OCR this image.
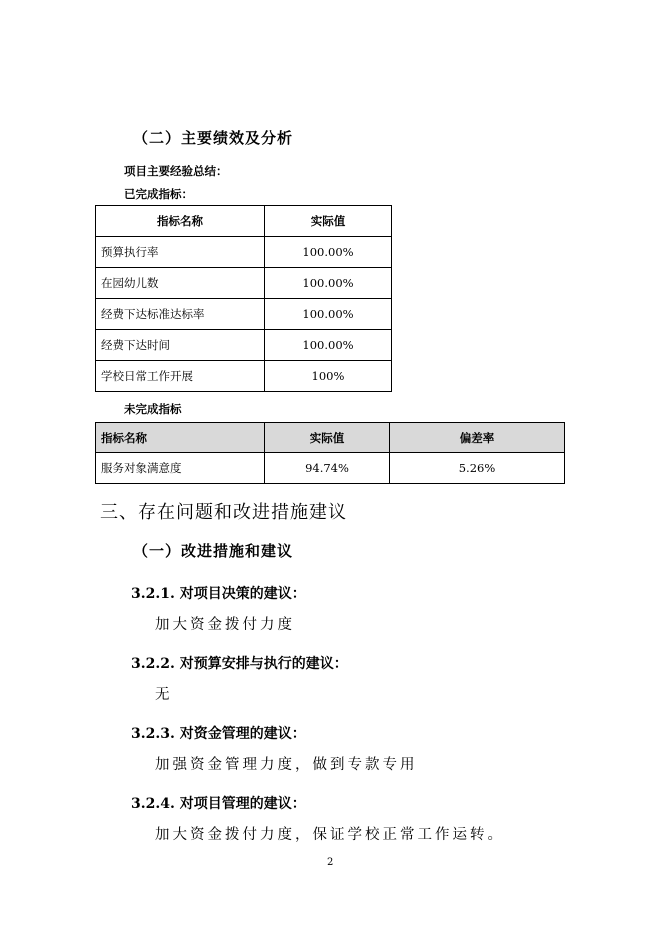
（二）主要绩效及分析
项目主要经验总结：
已完成指标：
指标名称	实际值
预算执行率	100.00%
在园幼儿数	100.00%
经费下达标准达标率	100.00%
经费下达时间	100.00%
学校日常工作开展	100%
未完成指标
指标名称	实际值	偏差率
服务对象满意度	94.74%	5.26%
三、存在问题和改进措施建议
（一）改进措施和建议
3.2.1. 对项目决策的建议：
加大资金拨付力度
3.2.2. 对预算安排与执行的建议：
无
3.2.3. 对资金管理的建议：
加强资金管理力度，做到专款专用
3.2.4. 对项目管理的建议：
加大资金拨付力度，保证学校正常工作运转。
2
